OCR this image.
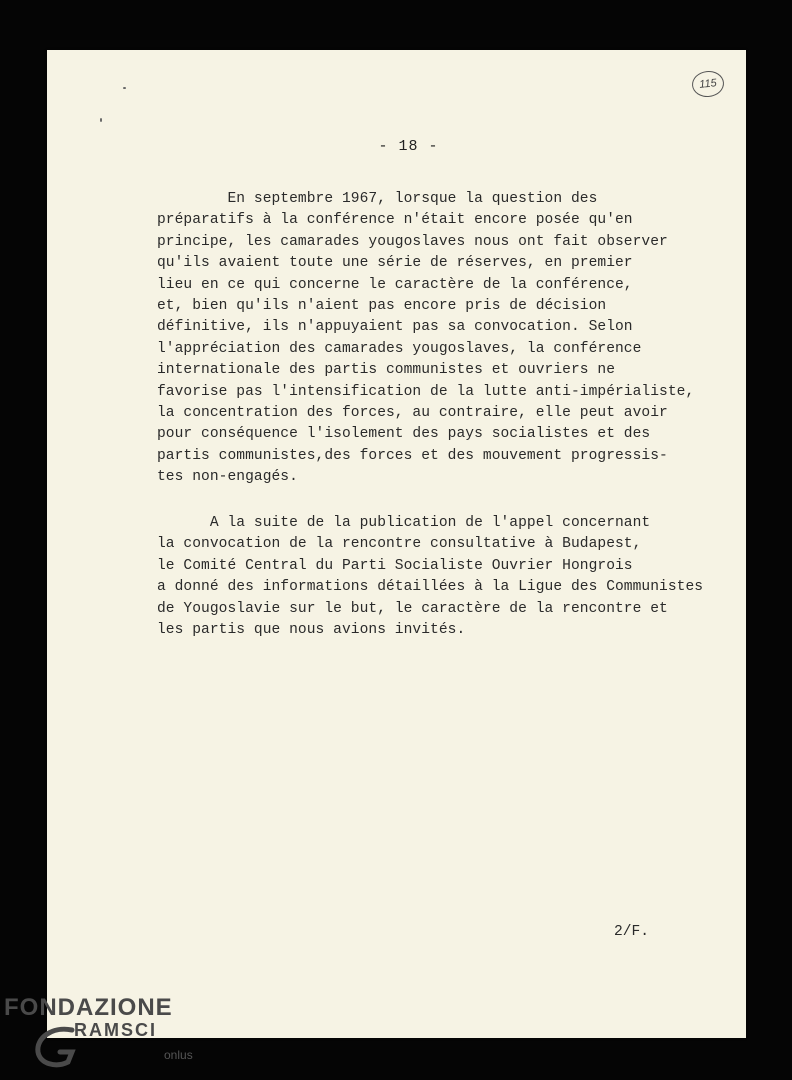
115
- 18 -
En septembre 1967, lorsque la question des
préparatifs à la conférence n'était encore posée qu'en
principe, les camarades yougoslaves nous ont fait observer
qu'ils avaient toute une série de réserves, en premier
lieu en ce qui concerne le caractère de la conférence,
et, bien qu'ils n'aient pas encore pris de décision
définitive, ils n'appuyaient pas sa convocation. Selon
l'appréciation des camarades yougoslaves, la conférence
internationale des partis communistes et ouvriers ne
favorise pas l'intensification de la lutte anti-impérialiste,
la concentration des forces, au contraire, elle peut avoir
pour conséquence l'isolement des pays socialistes et des
partis communistes,des forces et des mouvement progressis-
tes non-engagés.
A la suite de la publication de l'appel concernant
la convocation de la rencontre consultative à Budapest,
le Comité Central du Parti Socialiste Ouvrier Hongrois
a donné des informations détaillées à la Ligue des Communistes
de Yougoslavie sur le but, le caractère de la rencontre et
les partis que nous avions invités.
2/F.
FONDAZIONE
RAMSCI
onlus
